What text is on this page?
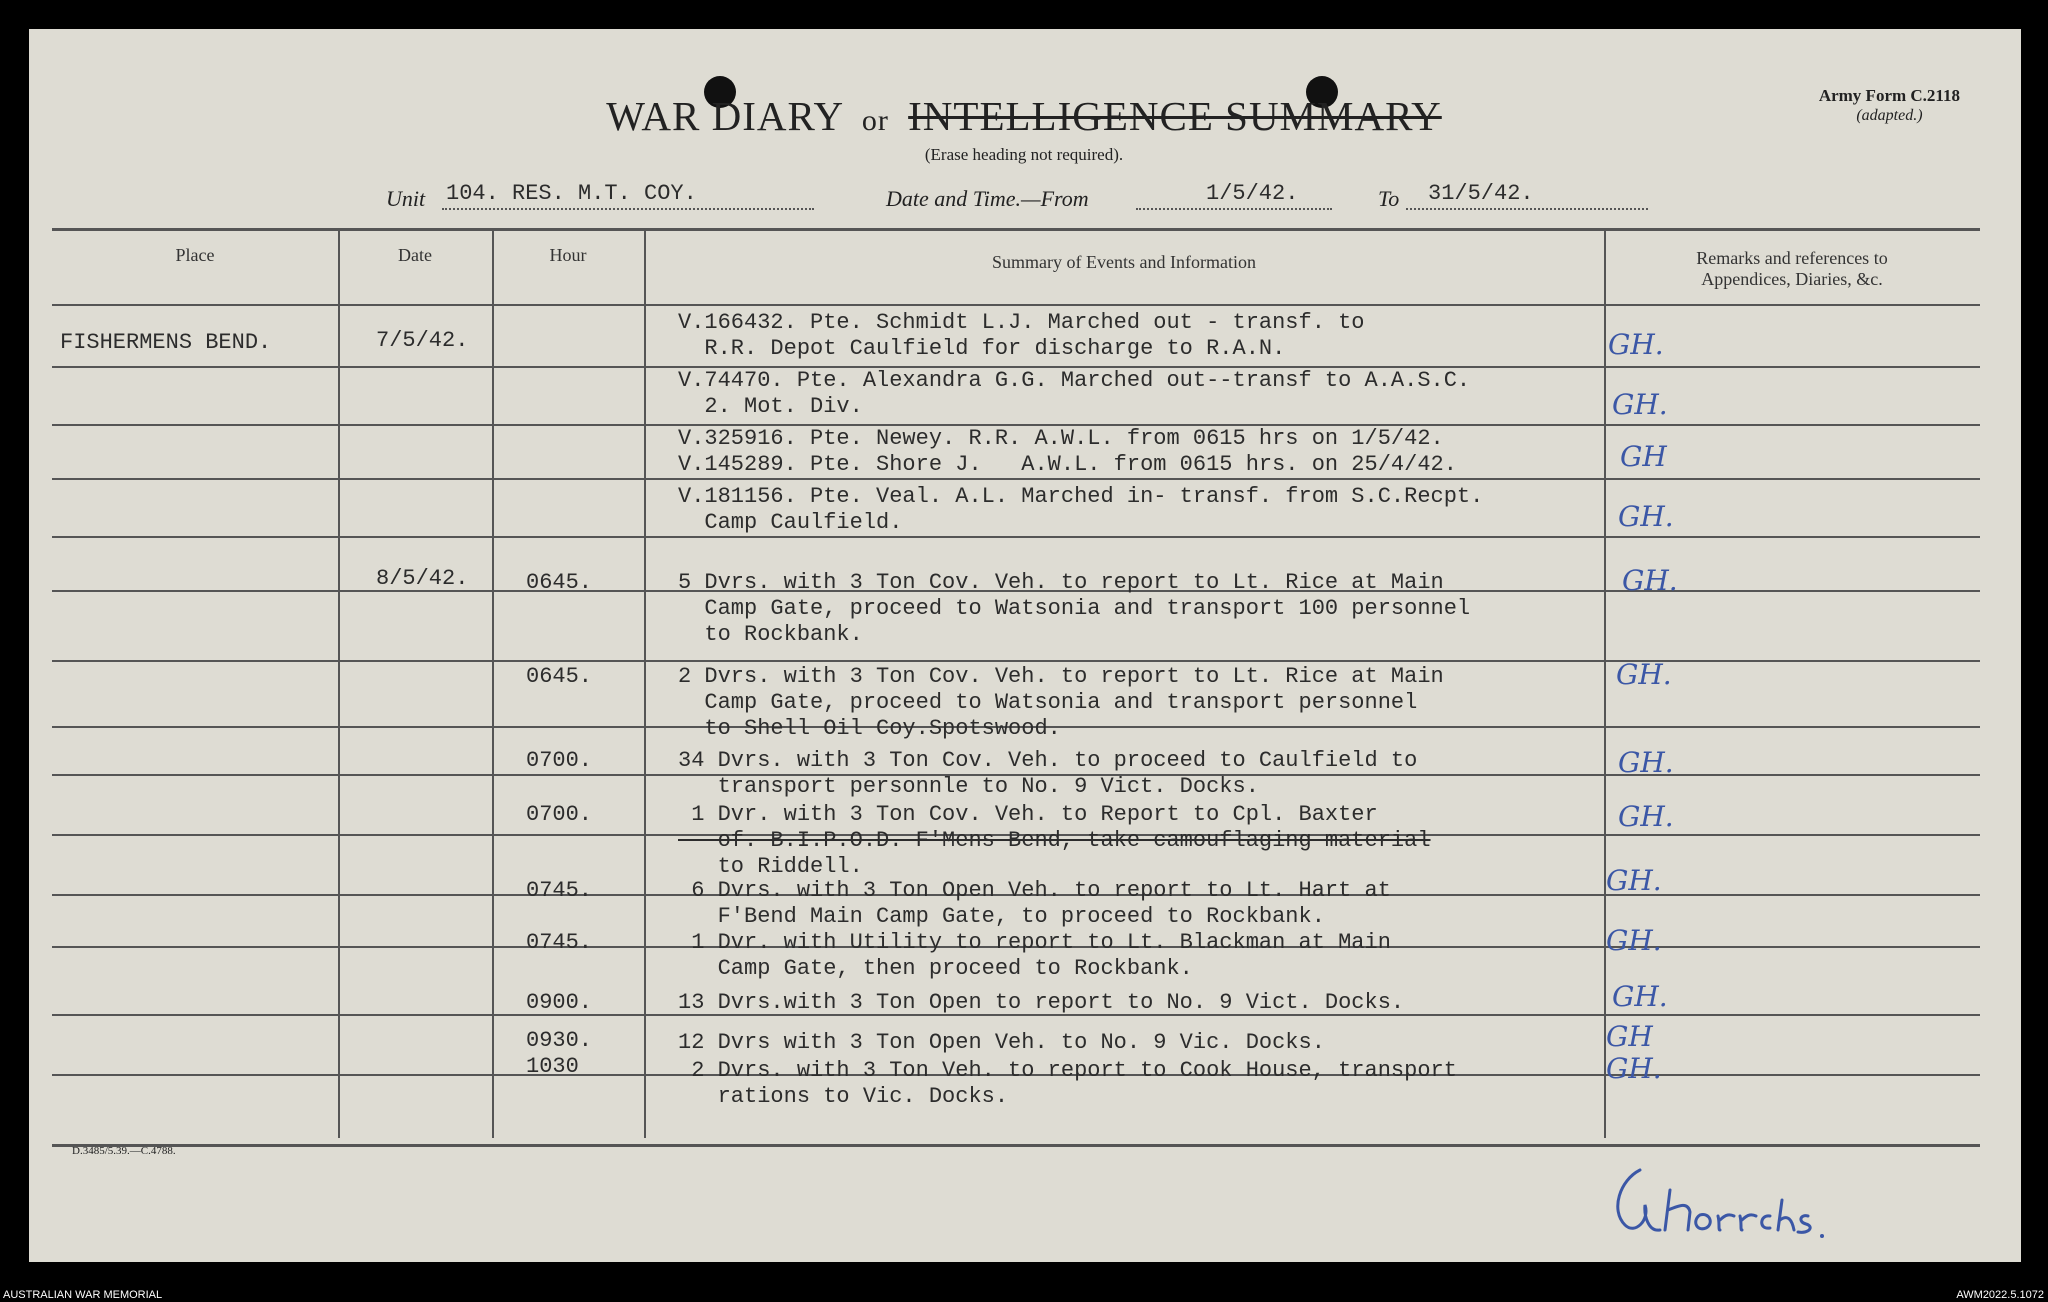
WAR DIARY or INTELLIGENCE SUMMARY
(Erase heading not required).
Army Form C.2118
(adapted.)
Unit 104. RES. M.T. COY.	Date and Time.—From	1/5/42.	To 31/5/42.
Place	Date	Hour	Summary of Events and Information	Remarks and references to
Appendices, Diaries, &c.
FISHERMENS BEND.	7/5/42.
V.166432. Pte. Schmidt L.J. Marched out - transf. to
R.R. Depot Caulfield for discharge to R.A.N.	GH.
V.74470. Pte. Alexandra G.G. Marched out--transf to A.A.S.C.
2. Mot. Div.	GH.
V.325916. Pte. Newey. R.R. A.W.L. from 0615 hrs on 1/5/42.
V.145289. Pte. Shore J.   A.W.L. from 0615 hrs. on 25/4/42.	GH
V.181156. Pte. Veal. A.L. Marched in- transf. from S.C.Recpt.
Camp Caulfield.	GH.
8/5/42.	0645.	5 Dvrs. with 3 Ton Cov. Veh. to report to Lt. Rice at Main
Camp Gate, proceed to Watsonia and transport 100 personnel
to Rockbank.
GH.
0645.	2 Dvrs. with 3 Ton Cov. Veh. to report to Lt. Rice at Main
Camp Gate, proceed to Watsonia and transport personnel
to Shell Oil Coy.Spotswood.
GH.
0700.	34 Dvrs. with 3 Ton Cov. Veh. to proceed to Caulfield to
transport personnle to No. 9 Vict. Docks.
GH.
0700.	1 Dvr. with 3 Ton Cov. Veh. to Report to Cpl. Baxter
of. B.I.P.O.D. F'Mens Bend, take camouflaging material
to Riddell.
GH.
0745.	6 Dvrs. with 3 Ton Open Veh. to report to Lt. Hart at
F'Bend Main Camp Gate, to proceed to Rockbank.
GH.
0745.	1 Dvr. with Utility to report to Lt. Blackman at Main
Camp Gate, then proceed to Rockbank.
GH.
0900.	13 Dvrs.with 3 Ton Open to report to No. 9 Vict. Docks.	GH.
0930.	12 Dvrs with 3 Ton Open Veh. to No. 9 Vic. Docks.	GH
1030	2 Dvrs. with 3 Ton Veh. to report to Cook House, transport
rations to Vic. Docks.
GH.
D.3485/5.39.—C.4788.
AUSTRALIAN WAR MEMORIAL	AWM2022.5.1072
